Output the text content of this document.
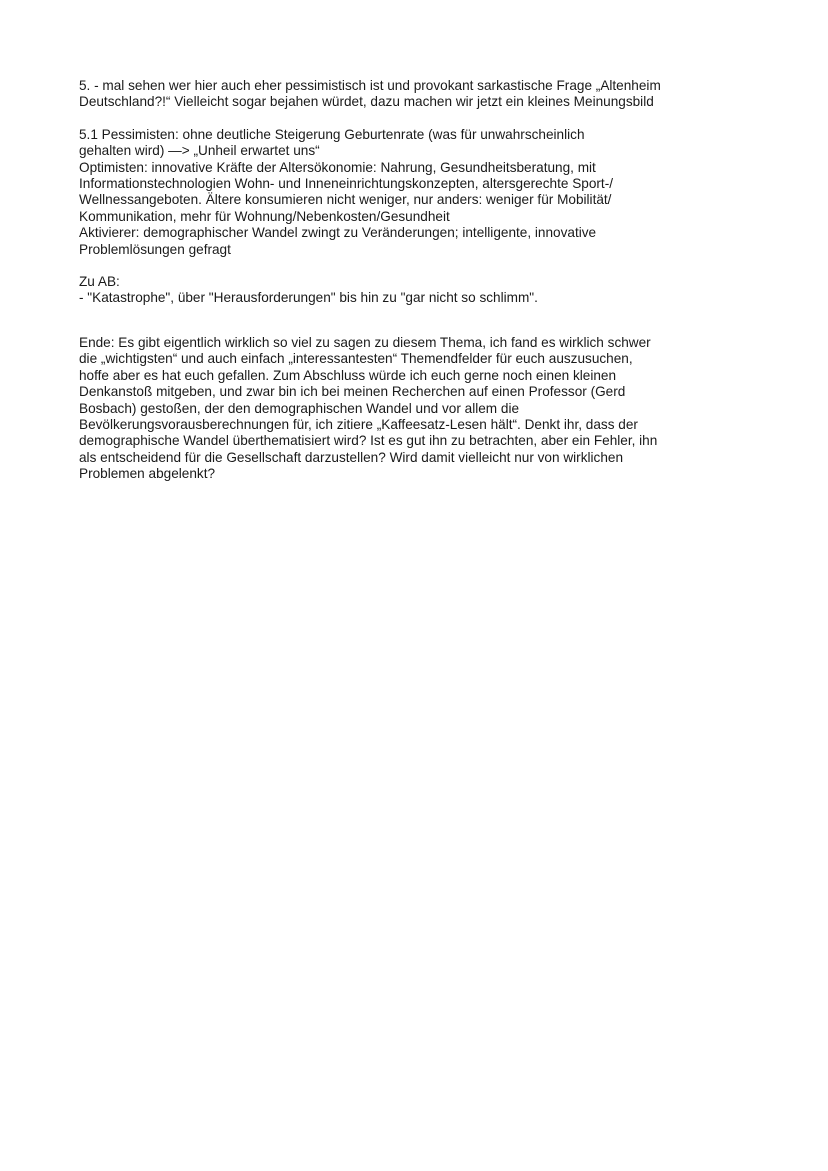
5. - mal sehen wer hier auch eher pessimistisch ist und provokant sarkastische Frage „Altenheim
Deutschland?!“ Vielleicht sogar bejahen würdet, dazu machen wir jetzt ein kleines Meinungsbild
5.1 Pessimisten: ohne deutliche Steigerung Geburtenrate (was für unwahrscheinlich
gehalten wird) —> „Unheil erwartet uns“
Optimisten: innovative Kräfte der Altersökonomie: Nahrung, Gesundheitsberatung, mit
Informationstechnologien Wohn- und Inneneinrichtungskonzepten, altersgerechte Sport-/
Wellnessangeboten. Ältere konsumieren nicht weniger, nur anders: weniger für Mobilität/
Kommunikation, mehr für Wohnung/Nebenkosten/Gesundheit
Aktivierer: demographischer Wandel zwingt zu Veränderungen; intelligente, innovative
Problemlösungen gefragt
Zu AB:
- "Katastrophe", über "Herausforderungen" bis hin zu "gar nicht so schlimm".
Ende: Es gibt eigentlich wirklich so viel zu sagen zu diesem Thema, ich fand es wirklich schwer
die „wichtigsten“ und auch einfach „interessantesten“ Themendfelder für euch auszusuchen,
hoffe aber es hat euch gefallen. Zum Abschluss würde ich euch gerne noch einen kleinen
Denkanstoß mitgeben, und zwar bin ich bei meinen Recherchen auf einen Professor (Gerd
Bosbach) gestoßen, der den demographischen Wandel und vor allem die
Bevölkerungsvorausberechnungen für, ich zitiere „Kaffeesatz-Lesen hält“. Denkt ihr, dass der
demographische Wandel überthematisiert wird? Ist es gut ihn zu betrachten, aber ein Fehler, ihn
als entscheidend für die Gesellschaft darzustellen? Wird damit vielleicht nur von wirklichen
Problemen abgelenkt?
